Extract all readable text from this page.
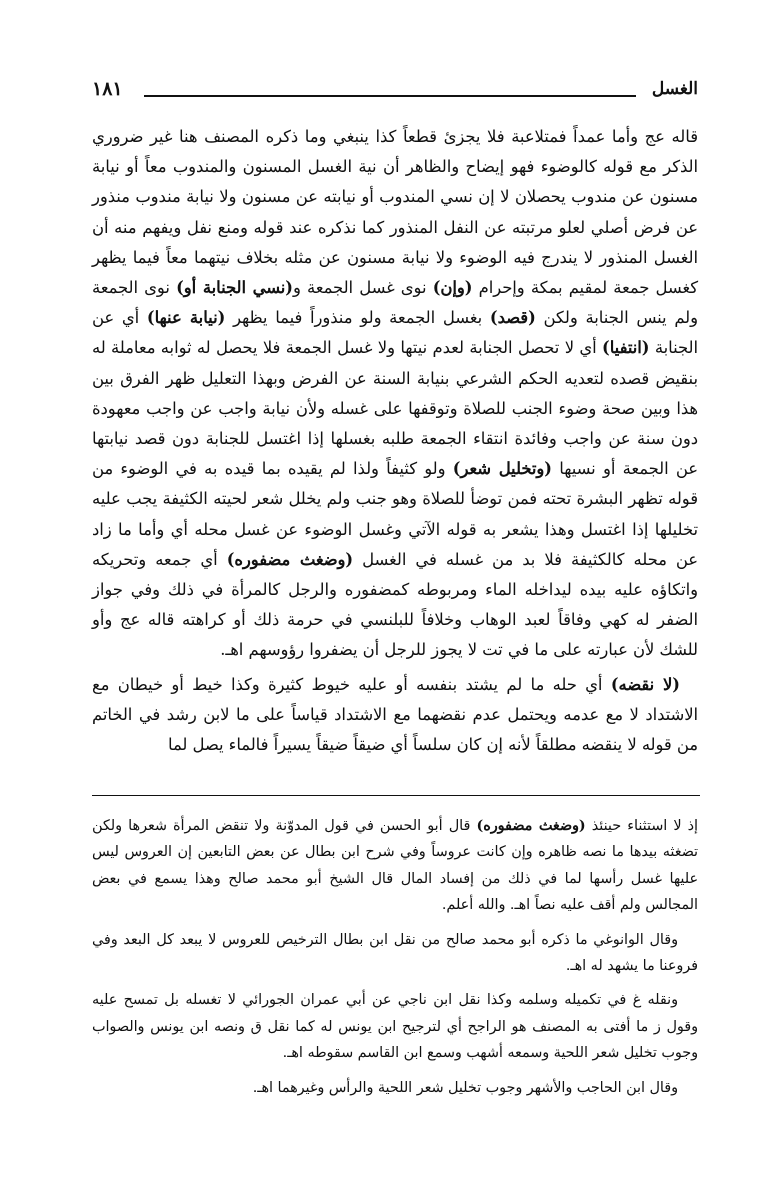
الغسل
١٨١

قاله عج وأما عمداً فمتلاعبة فلا يجزئ قطعاً كذا ينبغي وما ذكره المصنف هنا غير ضروري الذكر مع قوله كالوضوء فهو إيضاح والظاهر أن نية الغسل المسنون والمندوب معاً أو نيابة مسنون عن مندوب يحصلان لا إن نسي المندوب أو نيابته عن مسنون ولا نيابة مندوب منذور عن فرض أصلي لعلو مرتبته عن النفل المنذور كما نذكره عند قوله ومنع نفل ويفهم منه أن الغسل المنذور لا يندرج فيه الوضوء ولا نيابة مسنون عن مثله بخلاف نيتهما معاً فيما يظهر كغسل جمعة لمقيم بمكة وإحرام (وإن) نوى غسل الجمعة و(نسي الجنابة أو) نوى الجمعة ولم ينس الجنابة ولكن (قصد) بغسل الجمعة ولو منذوراً فيما يظهر (نيابة عنها) أي عن الجنابة (انتفيا) أي لا تحصل الجنابة لعدم نيتها ولا غسل الجمعة فلا يحصل له ثوابه معاملة له بنقيض قصده لتعديه الحكم الشرعي بنيابة السنة عن الفرض وبهذا التعليل ظهر الفرق بين هذا وبين صحة وضوء الجنب للصلاة وتوقفها على غسله ولأن نيابة واجب عن واجب معهودة دون سنة عن واجب وفائدة انتقاء الجمعة طلبه بغسلها إذا اغتسل للجنابة دون قصد نيابتها عن الجمعة أو نسيها (وتخليل شعر) ولو كثيفاً ولذا لم يقيده بما قيده به في الوضوء من قوله تظهر البشرة تحته فمن توضأ للصلاة وهو جنب ولم يخلل شعر لحيته الكثيفة يجب عليه تخليلها إذا اغتسل وهذا يشعر به قوله الآتي وغسل الوضوء عن غسل محله أي وأما ما زاد عن محله كالكثيفة فلا بد من غسله في الغسل (وضغث مضفوره) أي جمعه وتحريكه واتكاؤه عليه بيده ليداخله الماء ومربوطه كمضفوره والرجل كالمرأة في ذلك وفي جواز الضفر له كهي وفاقاً لعبد الوهاب وخلافاً للبلنسي في حرمة ذلك أو كراهته قاله عج وأو للشك لأن عبارته على ما في تت لا يجوز للرجل أن يضفروا رؤوسهم اهـ.

(لا نقضه) أي حله ما لم يشتد بنفسه أو عليه خيوط كثيرة وكذا خيط أو خيطان مع الاشتداد لا مع عدمه ويحتمل عدم نقضهما مع الاشتداد قياساً على ما لابن رشد في الخاتم من قوله لا ينقضه مطلقاً لأنه إن كان سلساً أي ضيقاً ضيقاً يسيراً فالماء يصل لما

إذ لا استثناء حينئذ (وضغث مضفوره) قال أبو الحسن في قول المدوّنة ولا تنقض المرأة شعرها ولكن تضغثه بيدها ما نصه ظاهره وإن كانت عروساً وفي شرح ابن بطال عن بعض التابعين إن العروس ليس عليها غسل رأسها لما في ذلك من إفساد المال قال الشيخ أبو محمد صالح وهذا يسمع في بعض المجالس ولم أقف عليه نصاً اهـ. والله أعلم.

وقال الوانوغي ما ذكره أبو محمد صالح من نقل ابن بطال الترخيص للعروس لا يبعد كل البعد وفي فروعنا ما يشهد له اهـ.

ونقله غ في تكميله وسلمه وكذا نقل ابن ناجي عن أبي عمران الجورائي لا تغسله بل تمسح عليه وقول ز ما أفتى به المصنف هو الراجح أي لترجيح ابن يونس له كما نقل ق ونصه ابن يونس والصواب وجوب تخليل شعر اللحية وسمعه أشهب وسمع ابن القاسم سقوطه اهـ.

وقال ابن الحاجب والأشهر وجوب تخليل شعر اللحية والرأس وغيرهما اهـ.
